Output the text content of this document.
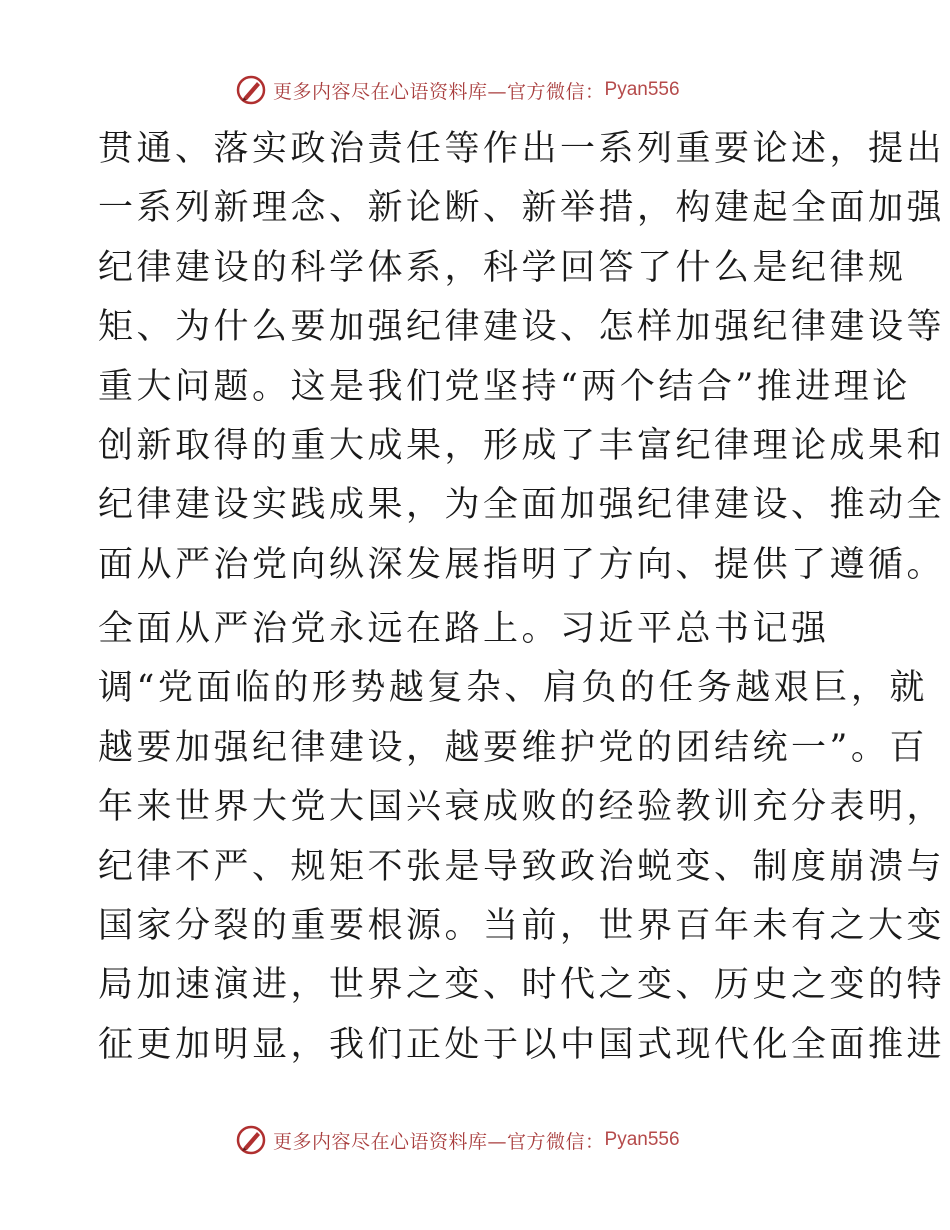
更多内容尽在心语资料库—官方微信： Pyan556
贯通、落实政治责任等作出一系列重要论述，提出
一系列新理念、新论断、新举措，构建起全面加强
纪律建设的科学体系，科学回答了什么是纪律规
矩、为什么要加强纪律建设、怎样加强纪律建设等
重大问题。这是我们党坚持“两个结合”推进理论
创新取得的重大成果，形成了丰富纪律理论成果和
纪律建设实践成果，为全面加强纪律建设、推动全
面从严治党向纵深发展指明了方向、提供了遵循。
全面从严治党永远在路上。习近平总书记强
调“党面临的形势越复杂、肩负的任务越艰巨，就
越要加强纪律建设，越要维护党的团结统一”。百
年来世界大党大国兴衰成败的经验教训充分表明，
纪律不严、规矩不张是导致政治蜕变、制度崩溃与
国家分裂的重要根源。当前，世界百年未有之大变
局加速演进，世界之变、时代之变、历史之变的特
征更加明显，我们正处于以中国式现代化全面推进
更多内容尽在心语资料库—官方微信： Pyan556
